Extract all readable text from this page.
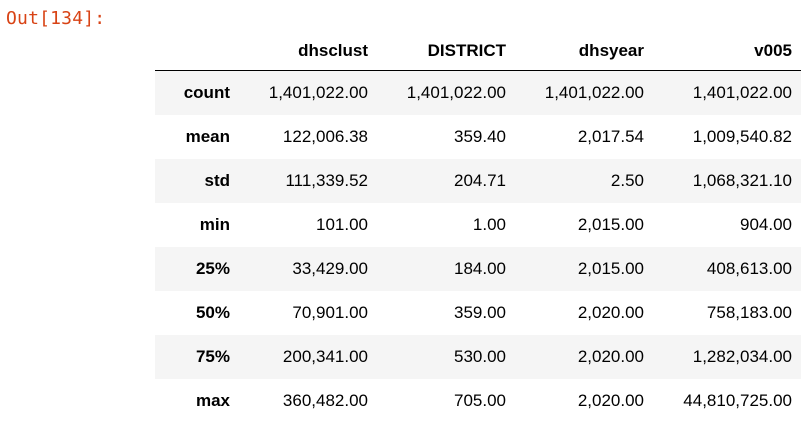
Out[134]:
	dhsclust	DISTRICT	dhsyear	v005
count	1,401,022.00	1,401,022.00	1,401,022.00	1,401,022.00
mean	122,006.38	359.40	2,017.54	1,009,540.82
std	111,339.52	204.71	2.50	1,068,321.10
min	101.00	1.00	2,015.00	904.00
25%	33,429.00	184.00	2,015.00	408,613.00
50%	70,901.00	359.00	2,020.00	758,183.00
75%	200,341.00	530.00	2,020.00	1,282,034.00
max	360,482.00	705.00	2,020.00	44,810,725.00
